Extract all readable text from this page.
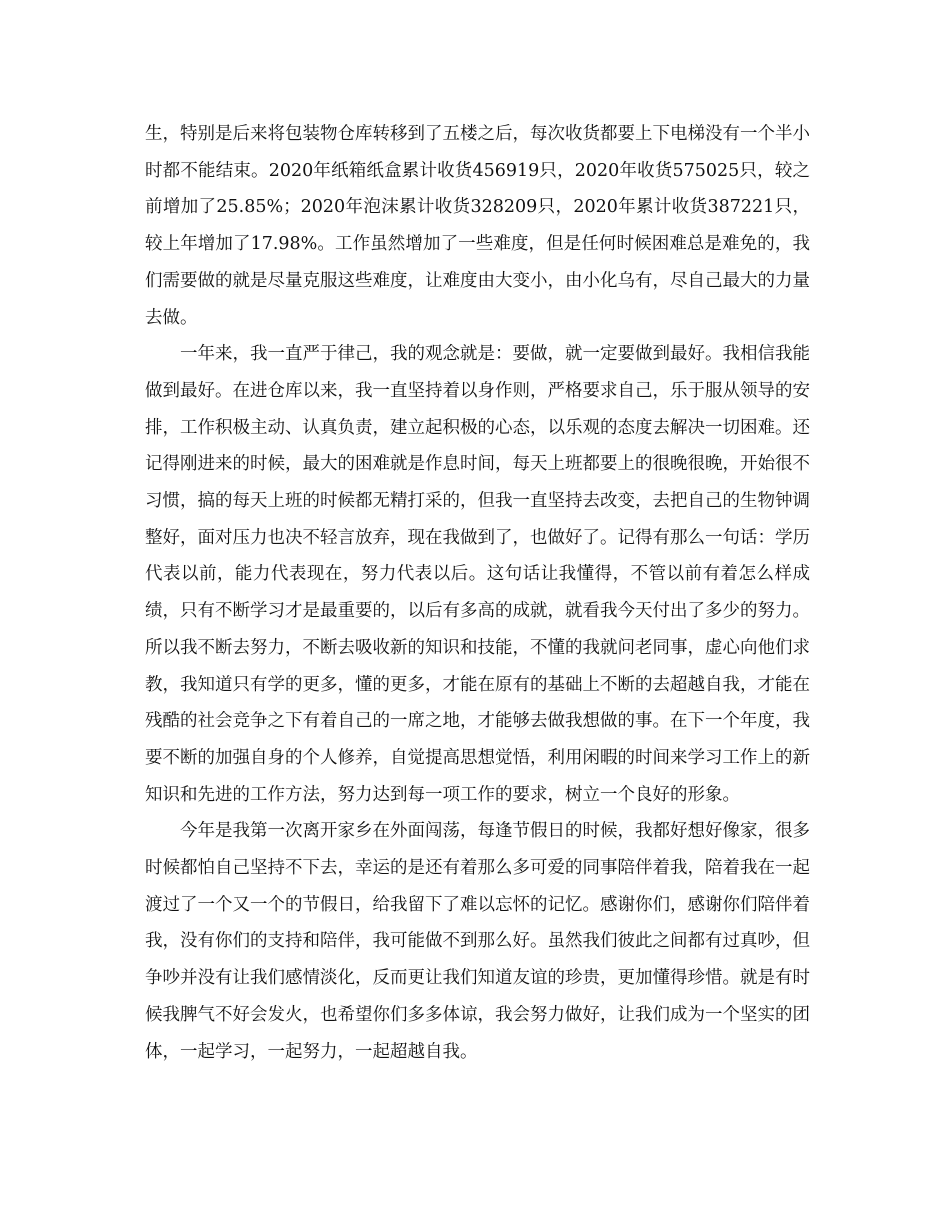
生，特别是后来将包装物仓库转移到了五楼之后，每次收货都要上下电梯没有一个半小时都不能结束。2020年纸箱纸盒累计收货456919只，2020年收货575025只，较之前增加了25.85%；2020年泡沫累计收货328209只，2020年累计收货387221只，较上年增加了17.98%。工作虽然增加了一些难度，但是任何时候困难总是难免的，我们需要做的就是尽量克服这些难度，让难度由大变小，由小化乌有，尽自己最大的力量去做。

一年来，我一直严于律己，我的观念就是：要做，就一定要做到最好。我相信我能做到最好。在进仓库以来，我一直坚持着以身作则，严格要求自己，乐于服从领导的安排，工作积极主动、认真负责，建立起积极的心态，以乐观的态度去解决一切困难。还记得刚进来的时候，最大的困难就是作息时间，每天上班都要上的很晚很晚，开始很不习惯，搞的每天上班的时候都无精打采的，但我一直坚持去改变，去把自己的生物钟调整好，面对压力也决不轻言放弃，现在我做到了，也做好了。记得有那么一句话：学历代表以前，能力代表现在，努力代表以后。这句话让我懂得，不管以前有着怎么样成绩，只有不断学习才是最重要的，以后有多高的成就，就看我今天付出了多少的努力。所以我不断去努力，不断去吸收新的知识和技能，不懂的我就问老同事，虚心向他们求教，我知道只有学的更多，懂的更多，才能在原有的基础上不断的去超越自我，才能在残酷的社会竞争之下有着自己的一席之地，才能够去做我想做的事。在下一个年度，我要不断的加强自身的个人修养，自觉提高思想觉悟，利用闲暇的时间来学习工作上的新知识和先进的工作方法，努力达到每一项工作的要求，树立一个良好的形象。

今年是我第一次离开家乡在外面闯荡，每逢节假日的时候，我都好想好像家，很多时候都怕自己坚持不下去，幸运的是还有着那么多可爱的同事陪伴着我，陪着我在一起渡过了一个又一个的节假日，给我留下了难以忘怀的记忆。感谢你们，感谢你们陪伴着我，没有你们的支持和陪伴，我可能做不到那么好。虽然我们彼此之间都有过真吵，但争吵并没有让我们感情淡化，反而更让我们知道友谊的珍贵，更加懂得珍惜。就是有时候我脾气不好会发火，也希望你们多多体谅，我会努力做好，让我们成为一个坚实的团体，一起学习，一起努力，一起超越自我。
